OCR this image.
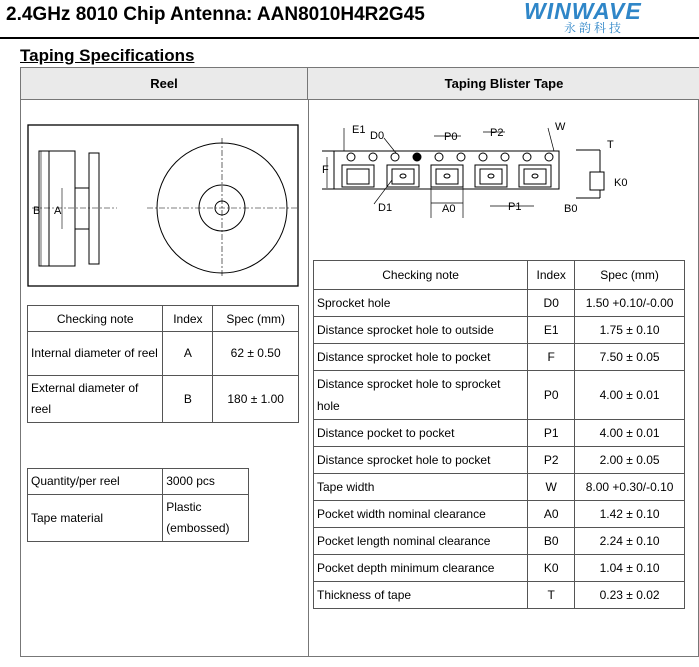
2.4GHz 8010 Chip Antenna: AAN8010H4R2G45	WINWAVE
永韵科技
Taping Specifications
Reel	Taping Blister Tape
B A
E1 D0	P0	P2	W
F
D1	A0	P1
T
K0
B0
Checking note	Index	Spec (mm)
Internal diameter of reel	A	62 ± 0.50
External diameter of reel	B	180 ± 1.00
Quantity/per reel	3000 pcs
Tape material	Plastic (embossed)
Checking note	Index	Spec (mm)
Sprocket hole	D0	1.50 +0.10/-0.00
Distance sprocket hole to outside	E1	1.75 ± 0.10
Distance sprocket hole to pocket	F	7.50 ± 0.05
Distance sprocket hole to sprocket hole	P0	4.00 ± 0.01
Distance pocket to pocket	P1	4.00 ± 0.01
Distance sprocket hole to pocket	P2	2.00 ± 0.05
Tape width	W	8.00 +0.30/-0.10
Pocket width nominal clearance	A0	1.42 ± 0.10
Pocket length nominal clearance	B0	2.24 ± 0.10
Pocket depth minimum clearance	K0	1.04 ± 0.10
Thickness of tape	T	0.23 ± 0.02
